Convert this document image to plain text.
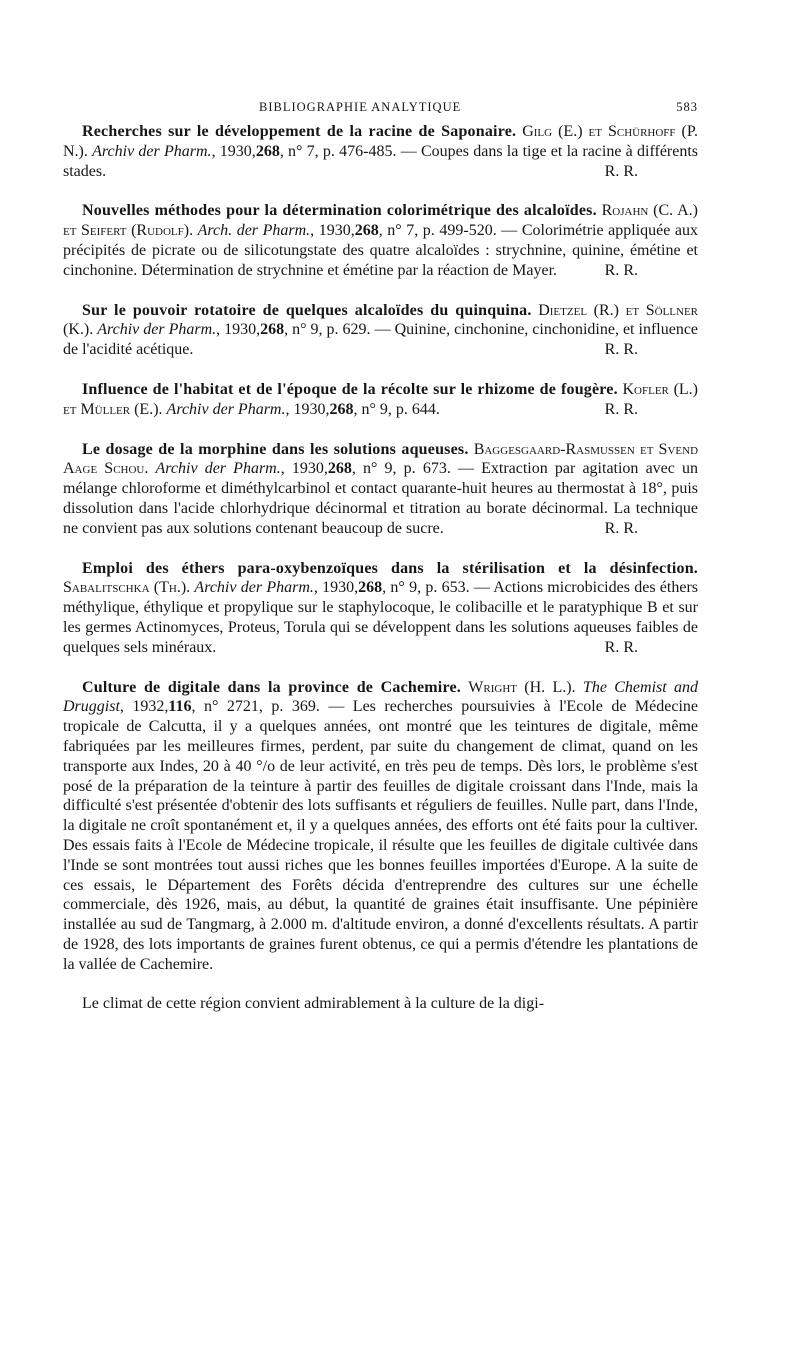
BIBLIOGRAPHIE ANALYTIQUE	583

Recherches sur le développement de la racine de Saponaire. Gilg (E.) et Schürhoff (P. N.). Archiv der Pharm., 1930,268, n° 7, p. 476-485. — Coupes dans la tige et la racine à différents stades.	R. R.

Nouvelles méthodes pour la détermination colorimétrique des alcaloïdes. Rojahn (C. A.) et Seifert (Rudolf). Arch. der Pharm., 1930,268, n° 7, p. 499-520. — Colorimétrie appliquée aux précipités de picrate ou de silicotungstate des quatre alcaloïdes : strychnine, quinine, émétine et cinchonine. Détermination de strychnine et émétine par la réaction de Mayer.	R. R.

Sur le pouvoir rotatoire de quelques alcaloïdes du quinquina. Dietzel (R.) et Söllner (K.). Archiv der Pharm., 1930,268, n° 9, p. 629. — Quinine, cinchonine, cinchonidine, et influence de l'acidité acétique.	R. R.

Influence de l'habitat et de l'époque de la récolte sur le rhizome de fougère. Kofler (L.) et Müller (E.). Archiv der Pharm., 1930,268, n° 9, p. 644.	R. R.

Le dosage de la morphine dans les solutions aqueuses. Baggesgaard-Rasmussen et Svend Aage Schou. Archiv der Pharm., 1930,268, n° 9, p. 673. — Extraction par agitation avec un mélange chloroforme et diméthylcarbinol et contact quarante-huit heures au thermostat à 18°, puis dissolution dans l'acide chlorhydrique décinormal et titration au borate décinormal. La technique ne convient pas aux solutions contenant beaucoup de sucre.	R. R.

Emploi des éthers para-oxybenzoïques dans la stérilisation et la désinfection. Sabalitschka (Th.). Archiv der Pharm., 1930,268, n° 9, p. 653. — Actions microbicides des éthers méthylique, éthylique et propylique sur le staphylocoque, le colibacille et le paratyphique B et sur les germes Actinomyces, Proteus, Torula qui se développent dans les solutions aqueuses faibles de quelques sels minéraux.	R. R.

Culture de digitale dans la province de Cachemire. Wright (H. L.). The Chemist and Druggist, 1932,116, n° 2721, p. 369. — Les recherches poursuivies à l'Ecole de Médecine tropicale de Calcutta, il y a quelques années, ont montré que les teintures de digitale, même fabriquées par les meilleures firmes, perdent, par suite du changement de climat, quand on les transporte aux Indes, 20 à 40 °/o de leur activité, en très peu de temps. Dès lors, le problème s'est posé de la préparation de la teinture à partir des feuilles de digitale croissant dans l'Inde, mais la difficulté s'est présentée d'obtenir des lots suffisants et réguliers de feuilles. Nulle part, dans l'Inde, la digitale ne croît spontanément et, il y a quelques années, des efforts ont été faits pour la cultiver. Des essais faits à l'Ecole de Médecine tropicale, il résulte que les feuilles de digitale cultivée dans l'Inde se sont montrées tout aussi riches que les bonnes feuilles importées d'Europe. A la suite de ces essais, le Département des Forêts décida d'entreprendre des cultures sur une échelle commerciale, dès 1926, mais, au début, la quantité de graines était insuffisante. Une pépinière installée au sud de Tangmarg, à 2.000 m. d'altitude environ, a donné d'excellents résultats. A partir de 1928, des lots importants de graines furent obtenus, ce qui a permis d'étendre les plantations de la vallée de Cachemire.

Le climat de cette région convient admirablement à la culture de la digi-
